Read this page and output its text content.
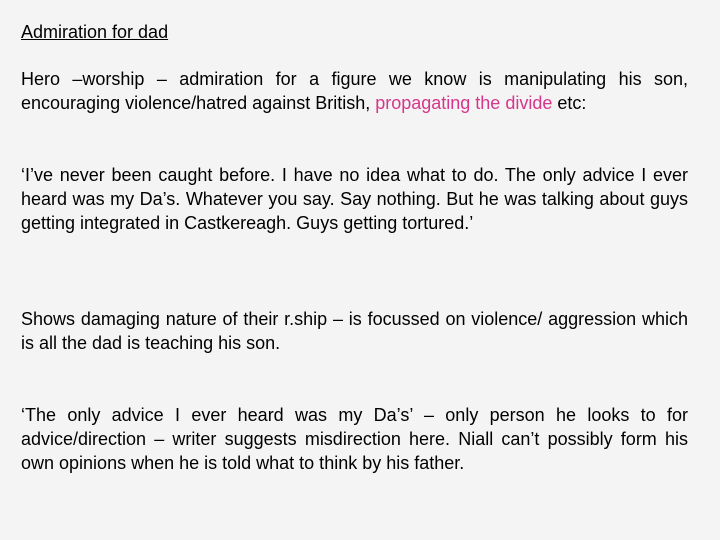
Admiration for dad
Hero –worship – admiration for a figure we know is manipulating his son, encouraging violence/hatred against British, propagating the divide etc:
‘I’ve never been caught before. I have no idea what to do. The only advice I ever heard was my Da’s. Whatever you say. Say nothing. But he was talking about guys getting integrated in Castkereagh. Guys getting tortured.’
Shows damaging nature of their r.ship – is focussed on violence/ aggression which is all the dad is teaching his son.
‘The only advice I ever heard was my Da’s’ – only person he looks to for advice/direction – writer suggests misdirection here. Niall can’t possibly form his own opinions when he is told what to think by his father.
